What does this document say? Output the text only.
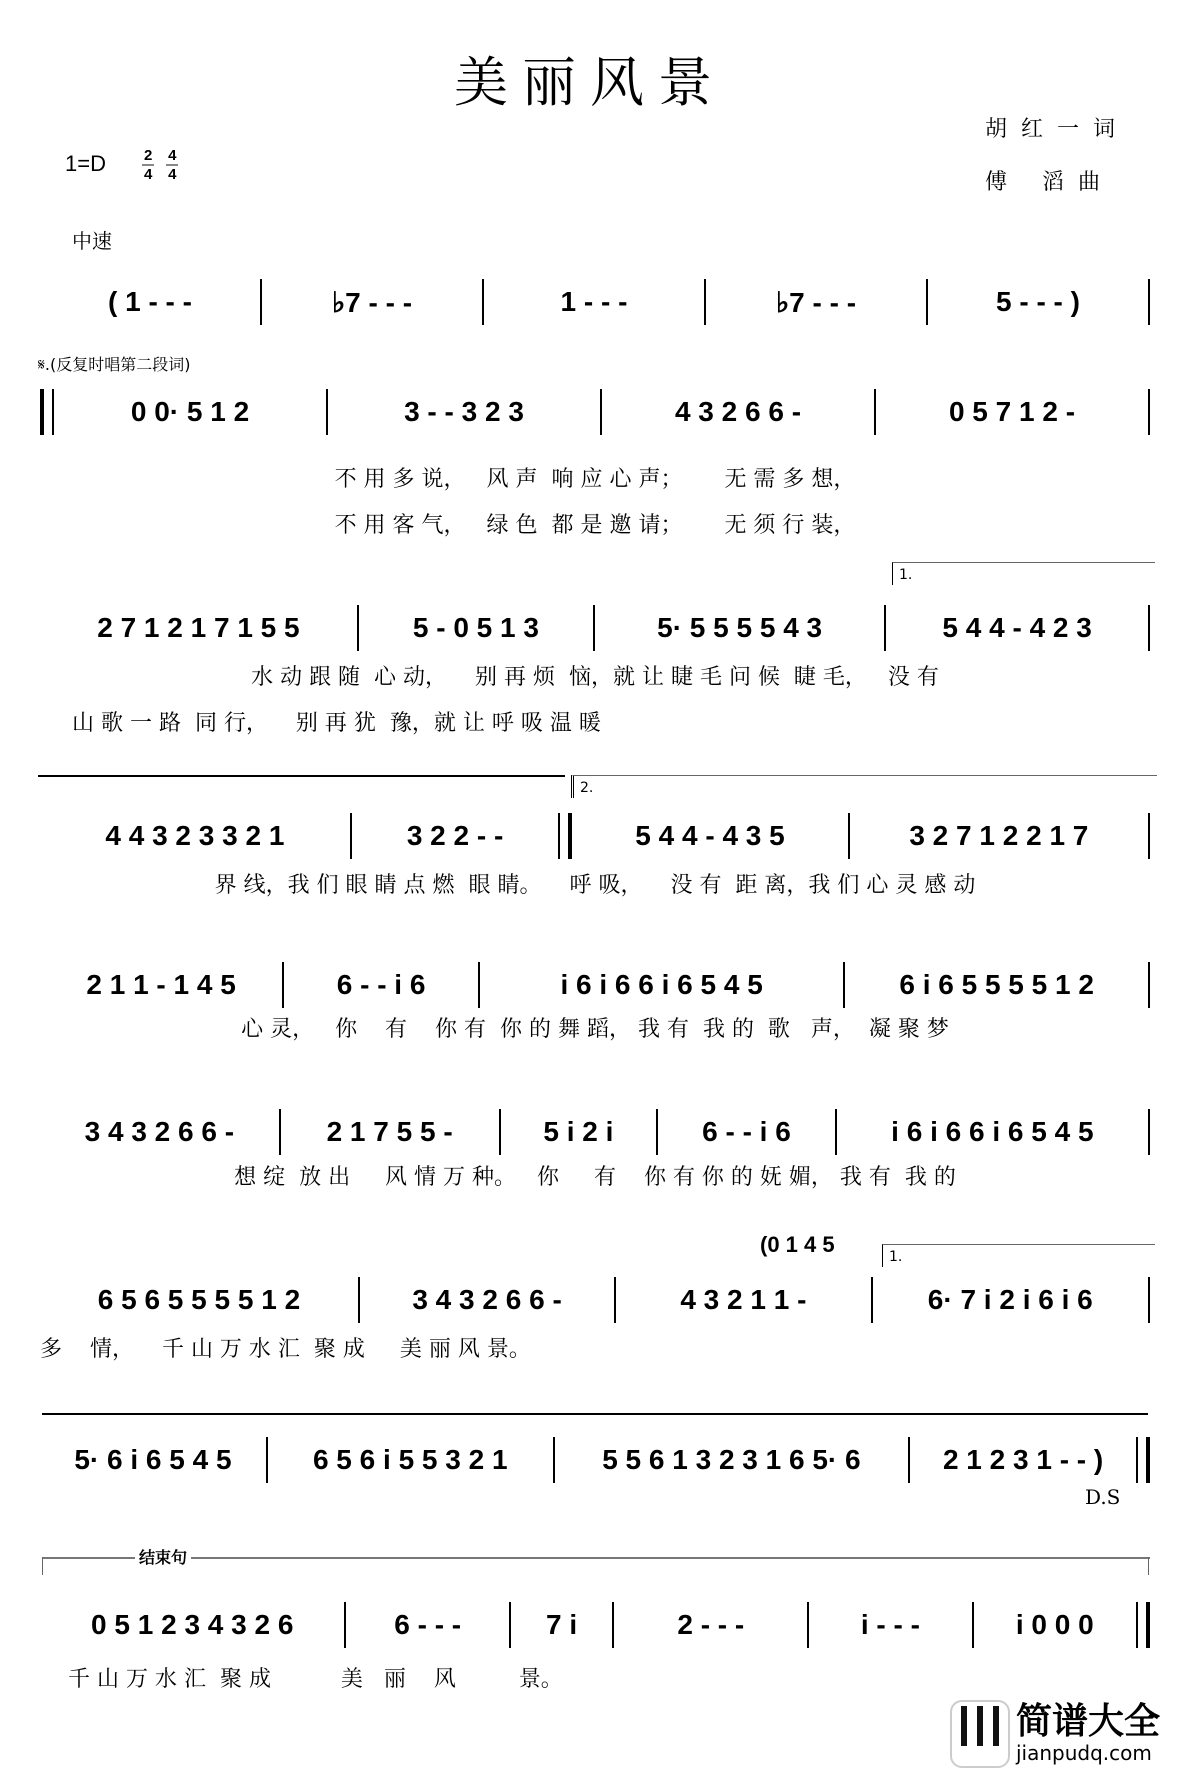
美丽风景
胡红一词
傅 滔曲
$1=D \frac{2}{4}$
$\frac{4}{4}$
中速
( 1 - - -	♭7 - - -	1 - - -	♭7 - - -	5 - - - )
𝄋.(反复时唱第二段词)
0 0· 5 1 2	3 - - 3 2 3	4 3 2 6 6 -	0 5 7 1 2 -
不 用 多 说，   风 声  响 应 心 声；      无 需 多 想，
不 用 客 气，   绿 色  都 是 邀 请；      无 须 行 装，
1.
2 7 1 2 1 7 1 5 5	5 - 0 5 1 3	5· 5 5 5 5 4 3	5 4 4 - 4 2 3
水 动 跟 随  心 动，    别 再 烦  恼，就 让 睫 毛 问 候  睫 毛，   没 有
山 歌 一 路  同 行，    别 再 犹  豫，就 让 呼 吸 温 暖
2.
4 4 3 2 3 3 2 1	3 2 2 - -	5 4 4 - 4 3 5	3 2 7 1 2 2 1 7
界 线，我 们 眼 睛 点 燃  眼 睛。    呼 吸，    没 有  距 离，我 们 心 灵 感 动
2 1 1 - 1 4 5	6 - - i 6	i 6 i 6 6 i 6 5 4 5	6 i 6 5 5 5 5 1 2
心 灵，   你    有    你 有  你 的 舞 蹈， 我 有  我 的  歌   声，  凝 聚 梦
3 4 3 2 6 6 -	2 1 7 5 5 -	5 i 2 i	6 - - i 6	i 6 i 6 6 i 6 5 4 5
想 绽  放 出     风 情 万 种。   你     有    你 有 你 的 妩 媚， 我 有  我 的
(0 1 4 5	1.
6 5 6 5 5 5 5 1 2	3 4 3 2 6 6 -	4 3 2 1 1 -	6· 7 i 2 i 6 i 6
多    情，    千 山 万 水 汇  聚 成     美 丽 风 景。
5· 6 i 6 5 4 5	6 5 6 i 5 5 3 2 1	5 5 6 1 3 2 3 1 6 5· 6	2 1 2 3 1 - - )
D.S
结束句
0 5 1 2 3 4 3 2 6	6 - - -	7 i	2 - - -	i - - -	i 0 0 0
千 山 万 水 汇  聚 成          美   丽    风         景。
简谱大全
jianpudq.com
